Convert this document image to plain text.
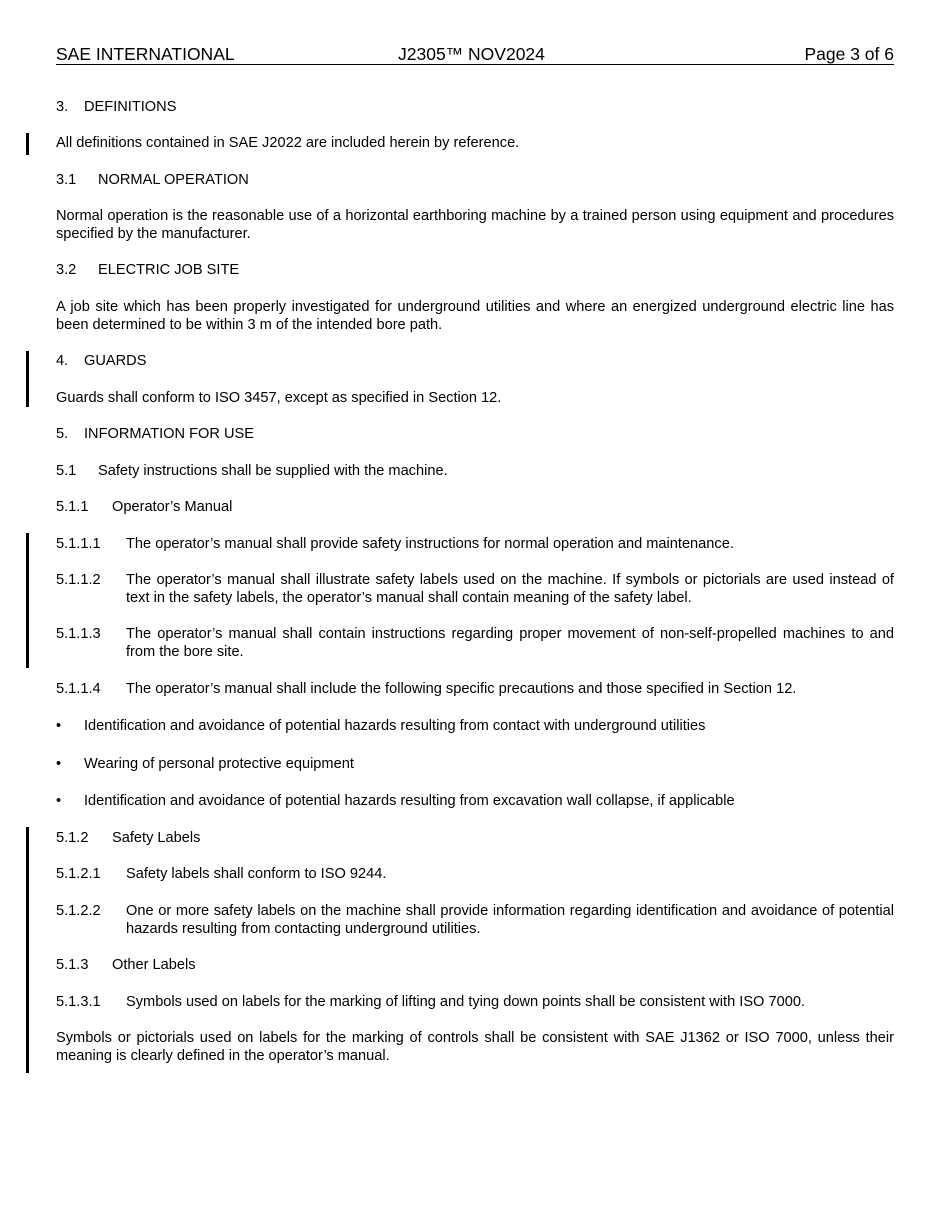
SAE INTERNATIONAL	J2305™ NOV2024	Page 3 of 6
3. DEFINITIONS
All definitions contained in SAE J2022 are included herein by reference.
3.1 NORMAL OPERATION
Normal operation is the reasonable use of a horizontal earthboring machine by a trained person using equipment and procedures specified by the manufacturer.
3.2 ELECTRIC JOB SITE
A job site which has been properly investigated for underground utilities and where an energized underground electric line has been determined to be within 3 m of the intended bore path.
4. GUARDS
Guards shall conform to ISO 3457, except as specified in Section 12.
5. INFORMATION FOR USE
5.1 Safety instructions shall be supplied with the machine.
5.1.1 Operator’s Manual
5.1.1.1 The operator’s manual shall provide safety instructions for normal operation and maintenance.
5.1.1.2 The operator’s manual shall illustrate safety labels used on the machine. If symbols or pictorials are used instead of text in the safety labels, the operator’s manual shall contain meaning of the safety label.
5.1.1.3 The operator’s manual shall contain instructions regarding proper movement of non-self-propelled machines to and from the bore site.
5.1.1.4 The operator’s manual shall include the following specific precautions and those specified in Section 12.
• Identification and avoidance of potential hazards resulting from contact with underground utilities
• Wearing of personal protective equipment
• Identification and avoidance of potential hazards resulting from excavation wall collapse, if applicable
5.1.2 Safety Labels
5.1.2.1 Safety labels shall conform to ISO 9244.
5.1.2.2 One or more safety labels on the machine shall provide information regarding identification and avoidance of potential hazards resulting from contacting underground utilities.
5.1.3 Other Labels
5.1.3.1 Symbols used on labels for the marking of lifting and tying down points shall be consistent with ISO 7000.
Symbols or pictorials used on labels for the marking of controls shall be consistent with SAE J1362 or ISO 7000, unless their meaning is clearly defined in the operator’s manual.
